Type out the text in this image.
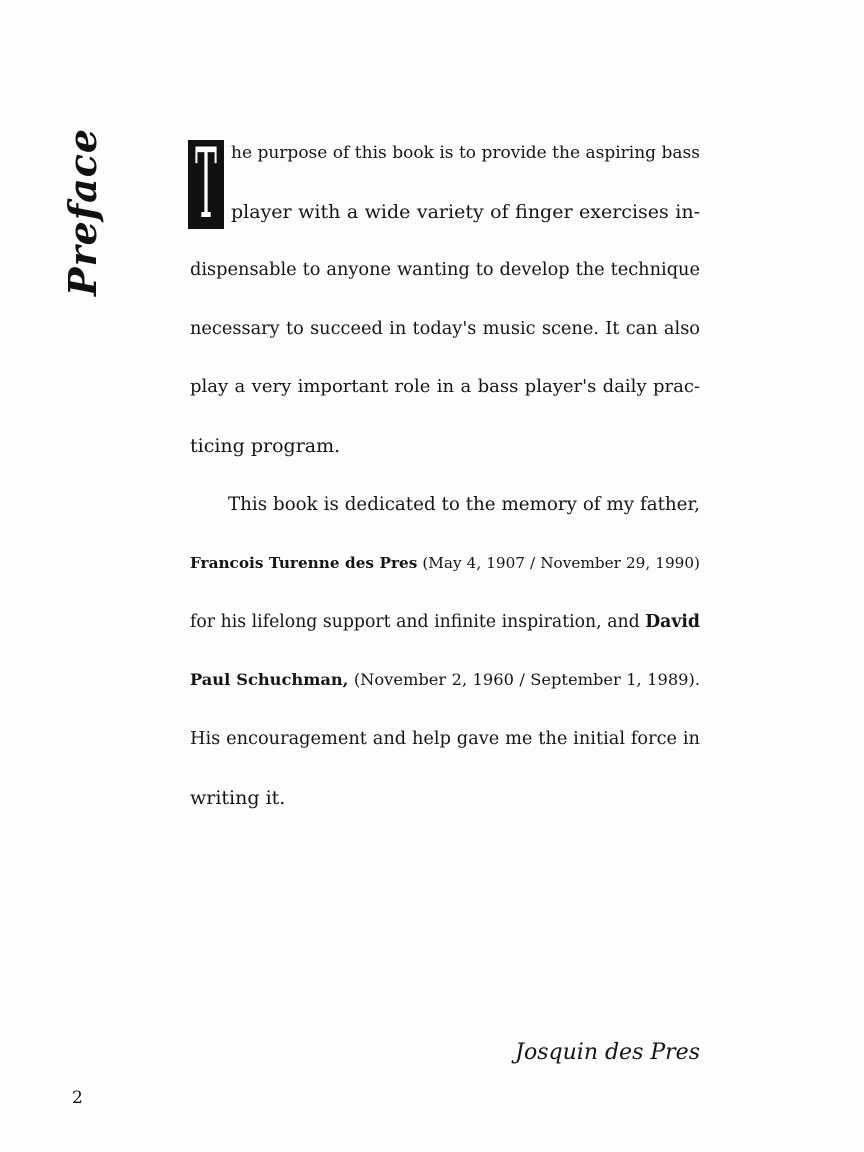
Preface T he purpose of this book is to provide the aspiring bass
player with a wide variety of finger exercises in-
dispensable to anyone wanting to develop the technique
necessary to succeed in today's music scene. It can also
play a very important role in a bass player's daily prac-
ticing program.
This book is dedicated to the memory of my father,
Francois Turenne des Pres (May 4, 1907 / November 29, 1990)
for his lifelong support and infinite inspiration, and David
Paul Schuchman, (November 2, 1960 / September 1, 1989).
His encouragement and help gave me the initial force in
writing it.
Josquin des Pres
2
